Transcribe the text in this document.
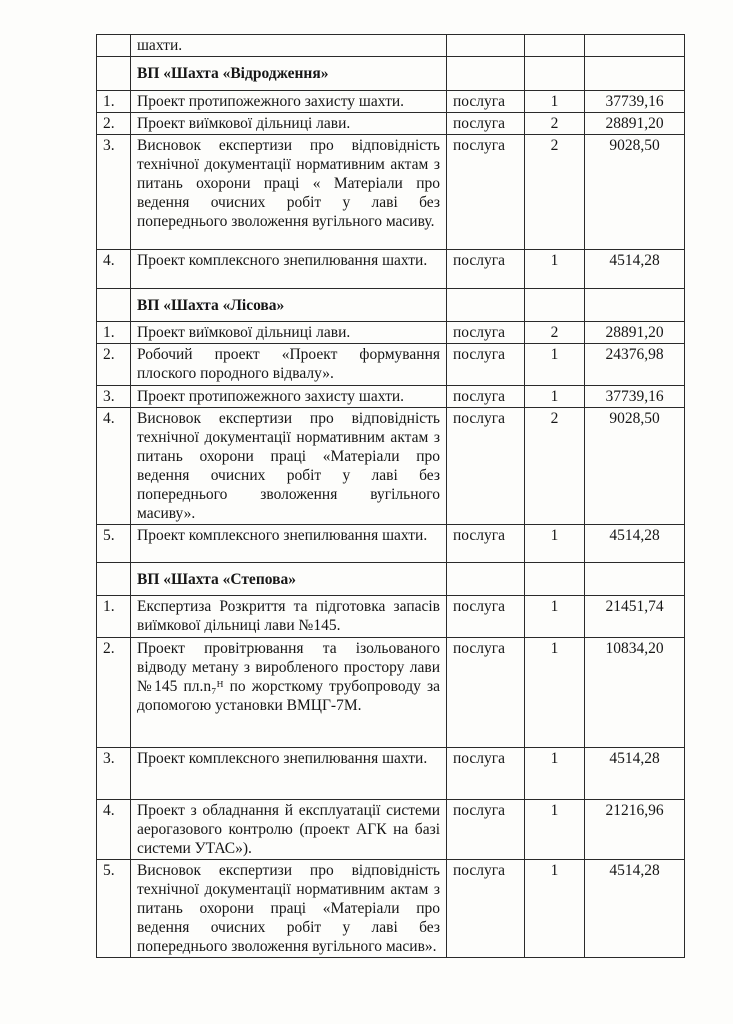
	шахти.			
	ВП «Шахта «Відродження»			
1.	Проект протипожежного захисту шахти.	послуга	1	37739,16
2.	Проект виїмкової дільниці лави.	послуга	2	28891,20
3.	Висновок експертизи про відповідність технічної документації нормативним актам з питань охорони праці « Матеріали про ведення очисних робіт у лаві без попереднього зволоження вугільного масиву.	послуга	2	9028,50
4.	Проект комплексного знепилювання шахти.	послуга	1	4514,28
	ВП «Шахта «Лісова»			
1.	Проект виїмкової дільниці лави.	послуга	2	28891,20
2.	Робочий проект «Проект формування плоского породного відвалу».	послуга	1	24376,98
3.	Проект протипожежного захисту шахти.	послуга	1	37739,16
4.	Висновок експертизи про відповідність технічної документації нормативним актам з питань охорони праці «Матеріали про ведення очисних робіт у лаві без попереднього зволоження вугільного масиву».	послуга	2	9028,50
5.	Проект комплексного знепилювання шахти.	послуга	1	4514,28
	ВП «Шахта «Степова»			
1.	Експертиза Розкриття та підготовка запасів виїмкової дільниці лави №145.	послуга	1	21451,74
2.	Проект провітрювання та ізольованого відводу метану з виробленого простору лави №145 пл.n₇ᴴ по жорсткому трубопроводу за допомогою установки ВМЦГ-7М.	послуга	1	10834,20
3.	Проект комплексного знепилювання шахти.	послуга	1	4514,28
4.	Проект з обладнання й експлуатації системи аерогазового контролю (проект АГК на базі системи УТАС»).	послуга	1	21216,96
5.	Висновок експертизи про відповідність технічної документації нормативним актам з питань охорони праці «Матеріали про ведення очисних робіт у лаві без попереднього зволоження вугільного масив».	послуга	1	4514,28
